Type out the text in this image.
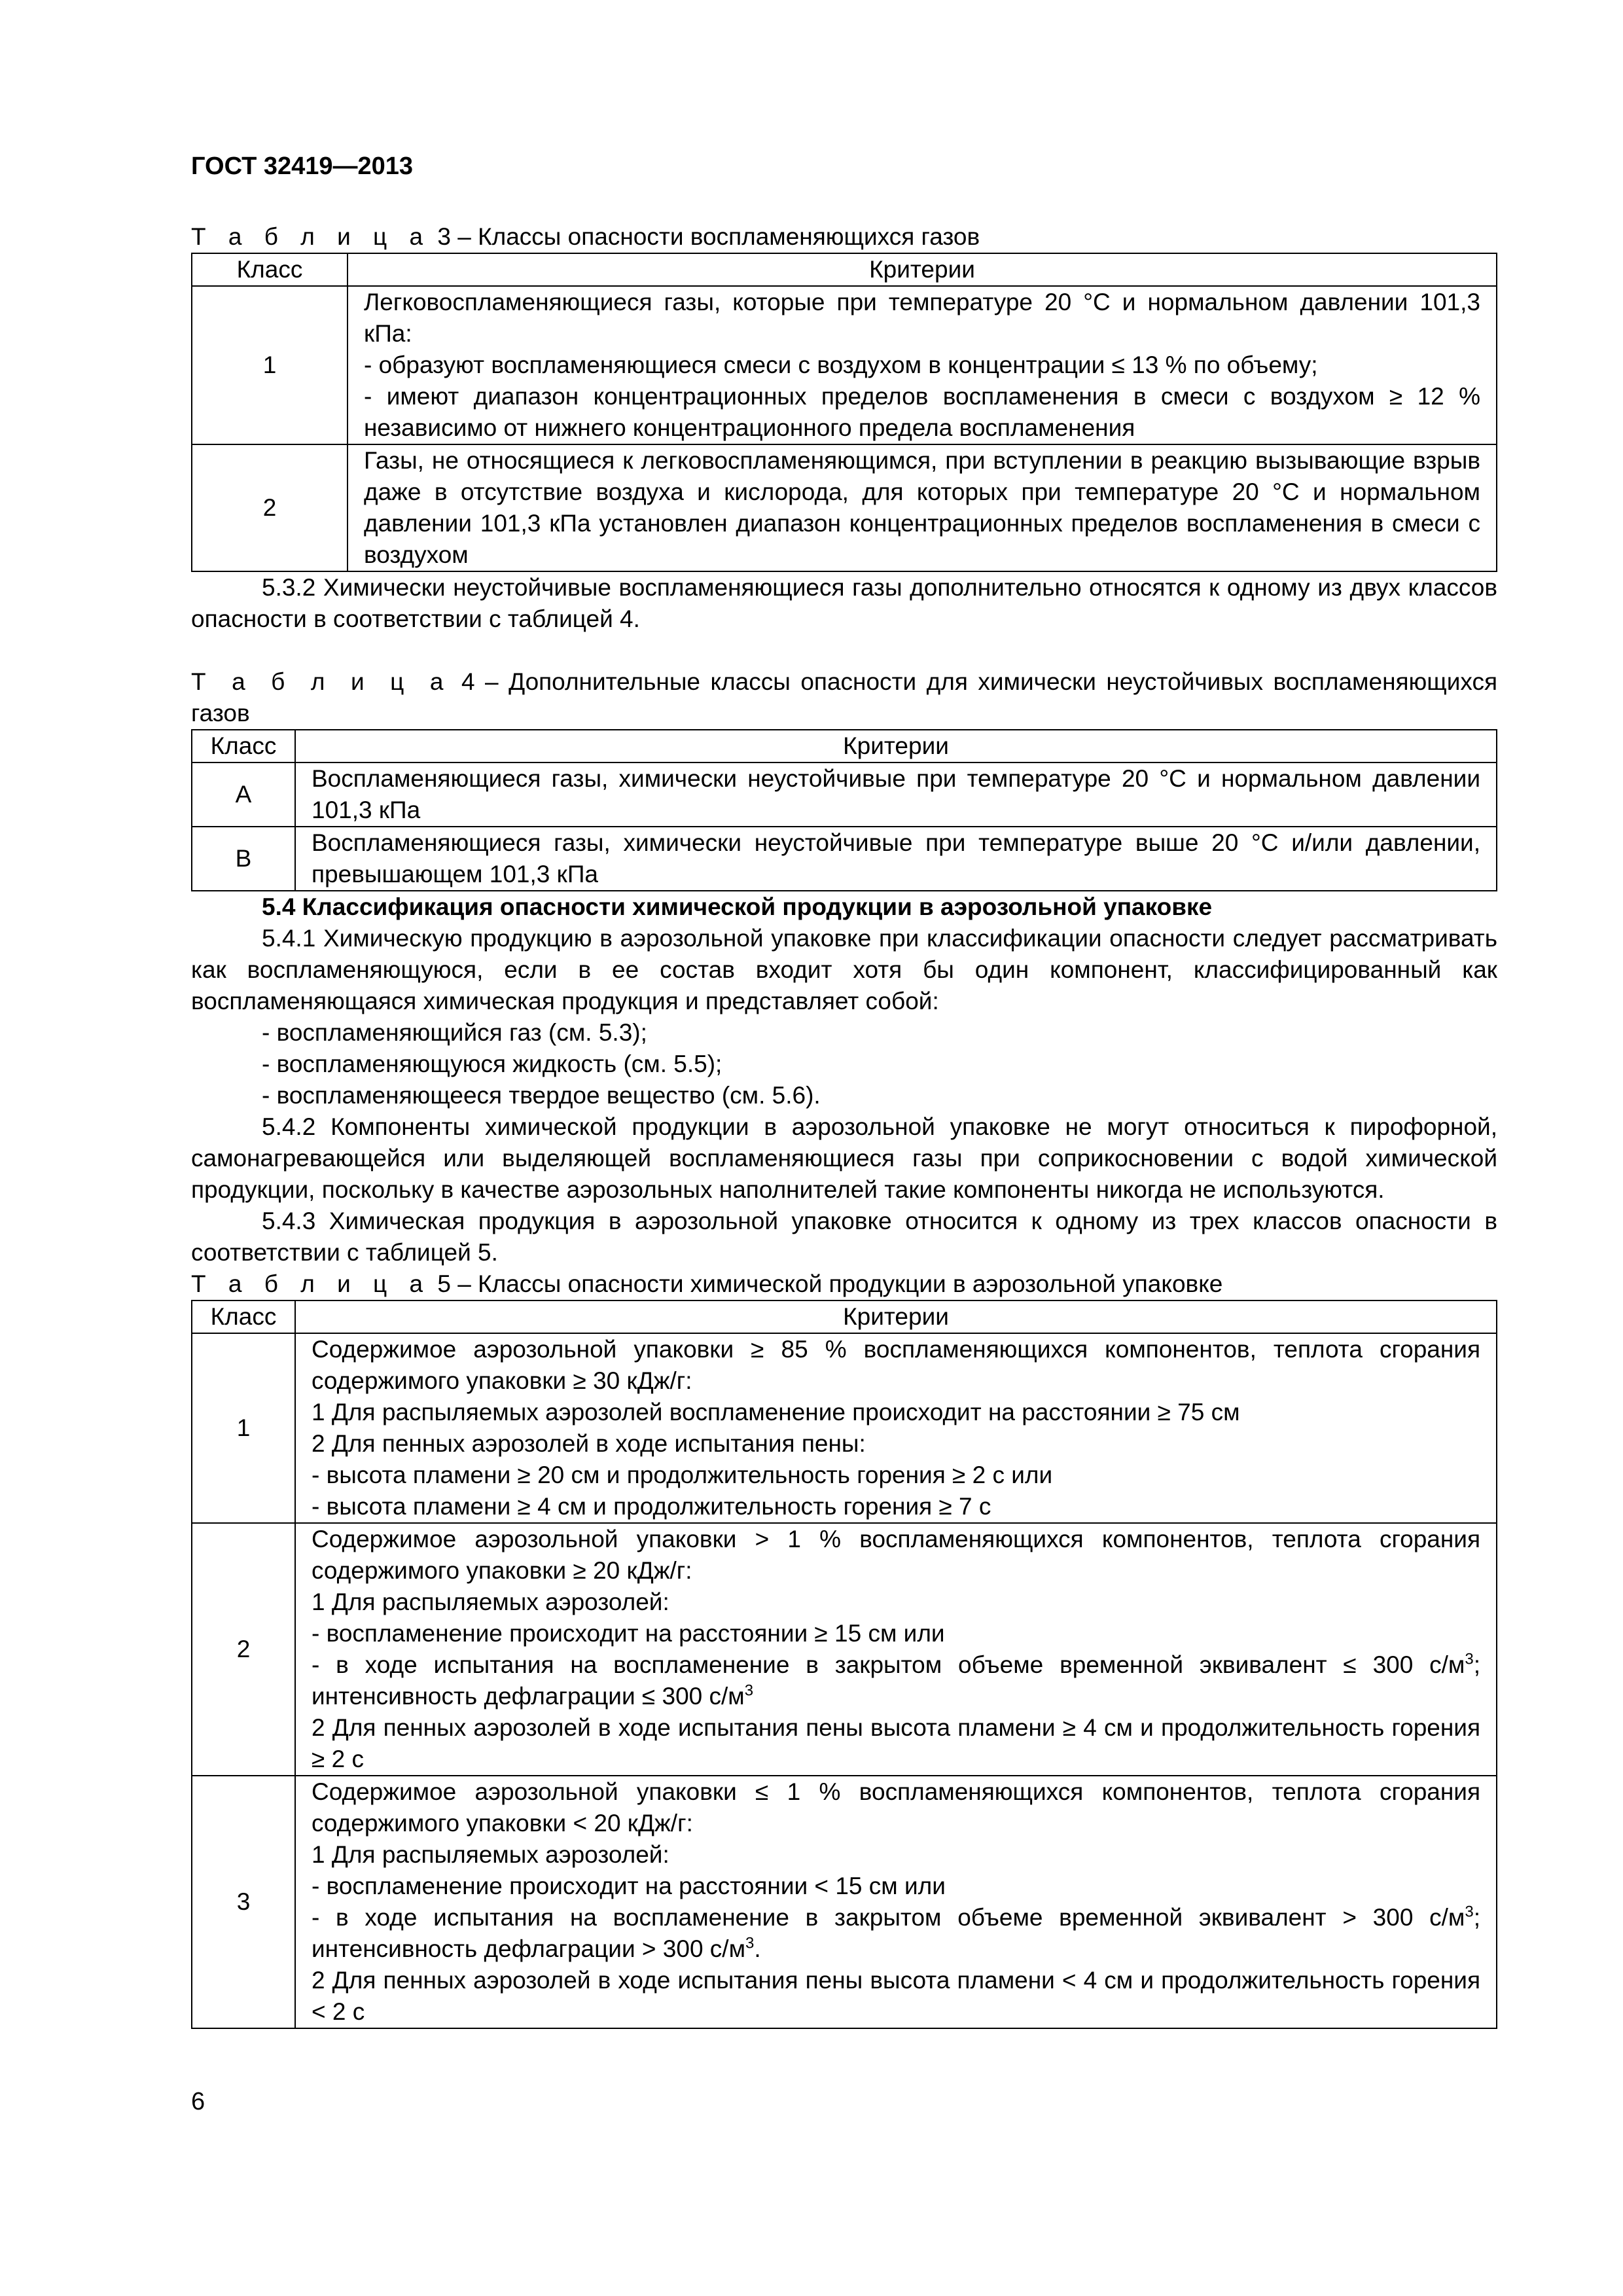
ГОСТ 32419—2013
Т а б л и ц а 3 – Классы опасности воспламеняющихся газов
Класс	Критерии
1	Легковоспламеняющиеся газы, которые при температуре 20 °С и нормальном давлении 101,3 кПа:
- образуют воспламеняющиеся смеси с воздухом в концентрации ≤ 13 % по объему;
- имеют диапазон концентрационных пределов воспламенения в смеси с воздухом ≥ 12 % независимо от нижнего концентрационного предела воспламенения

2	Газы, не относящиеся к легковоспламеняющимся, при вступлении в реакцию вызывающие взрыв даже в отсутствие воздуха и кислорода, для которых при температуре 20 °С и нормальном давлении 101,3 кПа установлен диапазон концентрационных пределов воспламенения в смеси с воздухом

5.3.2 Химически неустойчивые воспламеняющиеся газы дополнительно относятся к одному из двух классов опасности в соответствии с таблицей 4.

Т а б л и ц а 4 – Дополнительные классы опасности для химически неустойчивых воспламеняющихся газов

Класс	Критерии
А	Воспламеняющиеся газы, химически неустойчивые при температуре 20 °С и нормальном давлении 101,3 кПа
В	Воспламеняющиеся газы, химически неустойчивые при температуре выше 20 °С и/или давлении, превышающем 101,3 кПа

5.4 Классификация опасности химической продукции в аэрозольной упаковке

5.4.1 Химическую продукцию в аэрозольной упаковке при классификации опасности следует рассматривать как воспламеняющуюся, если в ее состав входит хотя бы один компонент, классифицированный как воспламеняющаяся химическая продукция и представляет собой:

- воспламеняющийся газ (см. 5.3);

- воспламеняющуюся жидкость (см. 5.5);

- воспламеняющееся твердое вещество (см. 5.6).

5.4.2 Компоненты химической продукции в аэрозольной упаковке не могут относиться к пирофорной, самонагревающейся или выделяющей воспламеняющиеся газы при соприкосновении с водой химической продукции, поскольку в качестве аэрозольных наполнителей такие компоненты никогда не используются.

5.4.3 Химическая продукция в аэрозольной упаковке относится к одному из трех классов опасности в соответствии с таблицей 5.

Т а б л и ц а 5 – Классы опасности химической продукции в аэрозольной упаковке
Класс	Критерии
1	Содержимое аэрозольной упаковки ≥ 85 % воспламеняющихся компонентов, теплота сгорания содержимого упаковки ≥ 30 кДж/г:
1 Для распыляемых аэрозолей воспламенение происходит на расстоянии ≥ 75 см
2 Для пенных аэрозолей в ходе испытания пены:
- высота пламени ≥ 20 см и продолжительность горения ≥ 2 с или
- высота пламени ≥ 4 см и продолжительность горения ≥ 7 с

2	Содержимое аэрозольной упаковки > 1 % воспламеняющихся компонентов, теплота сгорания содержимого упаковки ≥ 20 кДж/г:
1 Для распыляемых аэрозолей:
- воспламенение происходит на расстоянии ≥ 15 см или
- в ходе испытания на воспламенение в закрытом объеме временной эквивалент ≤ 300 $с/м^3$; интенсивность дефлаграции ≤ 300 $с/м^3$
2 Для пенных аэрозолей в ходе испытания пены высота пламени ≥ 4 см и продолжительность горения ≥ 2 с

3	Содержимое аэрозольной упаковки ≤ 1 % воспламеняющихся компонентов, теплота сгорания содержимого упаковки < 20 кДж/г:
1 Для распыляемых аэрозолей:
- воспламенение происходит на расстоянии < 15 см или
- в ходе испытания на воспламенение в закрытом объеме временной эквивалент > 300 $с/м^3$; интенсивность дефлаграции > 300 $с/м^3$.
2 Для пенных аэрозолей в ходе испытания пены высота пламени < 4 см и продолжительность горения < 2 с
6
